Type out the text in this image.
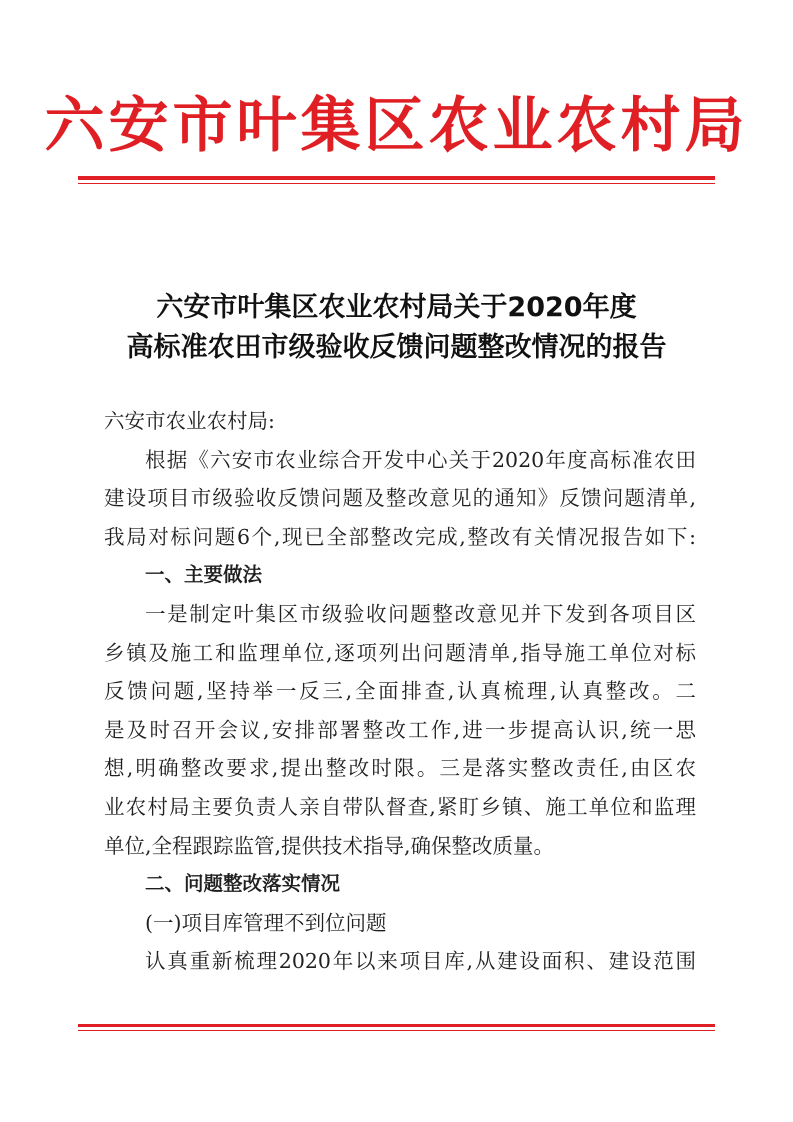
六安市叶集区农业农村局
六安市叶集区农业农村局关于2020年度
高标准农田市级验收反馈问题整改情况的报告
六安市农业农村局:
根据《六安市农业综合开发中心关于2020年度高标准农田
建设项目市级验收反馈问题及整改意见的通知》反馈问题清单,
我局对标问题6个,现已全部整改完成,整改有关情况报告如下:
一、主要做法
一是制定叶集区市级验收问题整改意见并下发到各项目区
乡镇及施工和监理单位,逐项列出问题清单,指导施工单位对标
反馈问题,坚持举一反三,全面排查,认真梳理,认真整改。二
是及时召开会议,安排部署整改工作,进一步提高认识,统一思
想,明确整改要求,提出整改时限。三是落实整改责任,由区农
业农村局主要负责人亲自带队督查,紧盯乡镇、施工单位和监理
单位,全程跟踪监管,提供技术指导,确保整改质量。
二、问题整改落实情况
(一)项目库管理不到位问题
认真重新梳理2020年以来项目库,从建设面积、建设范围
